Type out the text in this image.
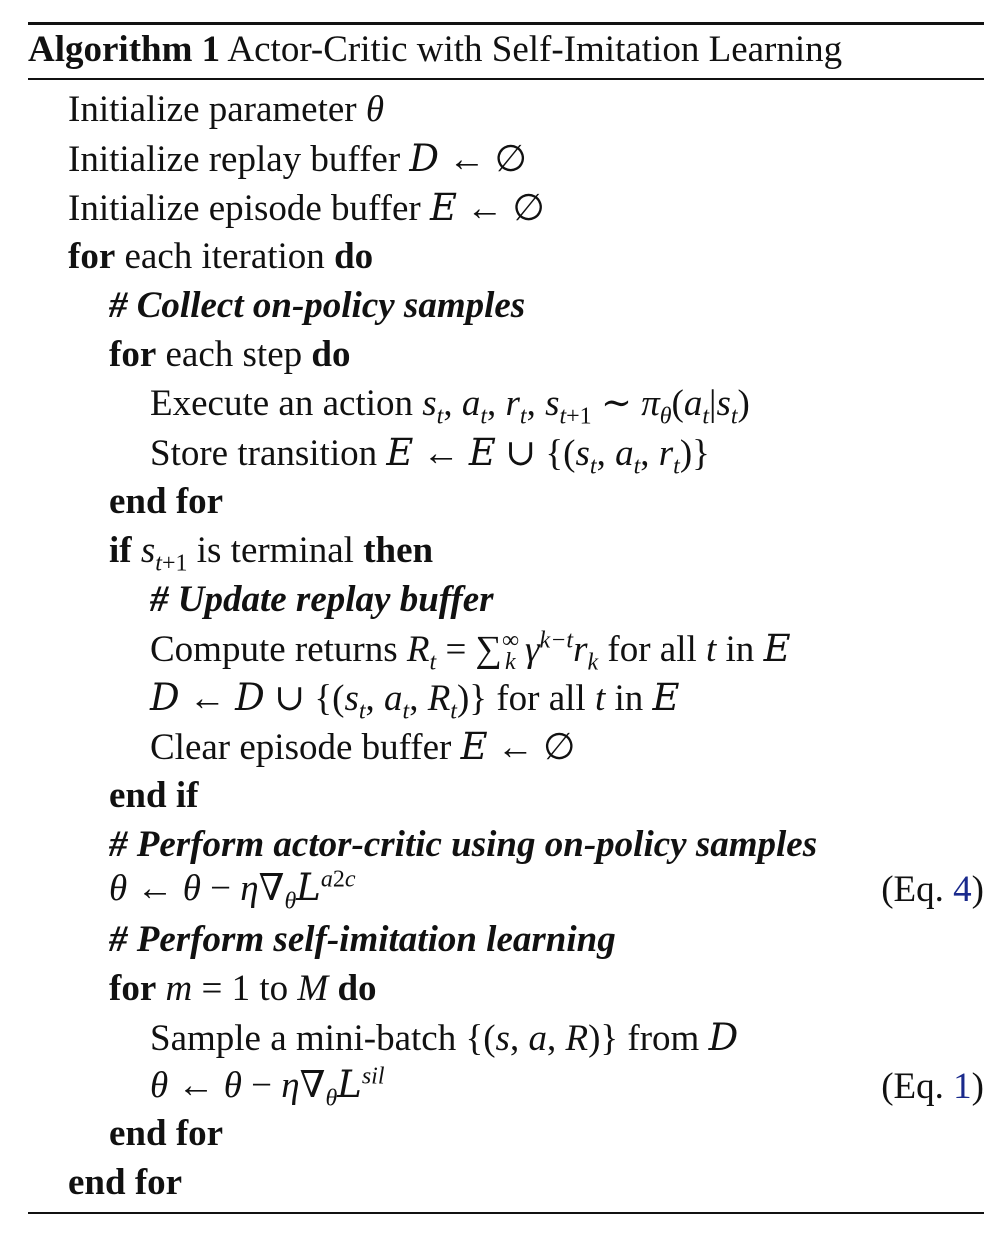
Algorithm 1 Actor-Critic with Self-Imitation Learning
Initialize parameter θ
Initialize replay buffer D ← ∅
Initialize episode buffer E ← ∅
for each iteration do
# Collect on-policy samples
for each step do
Execute an action $s_t$, $a_t$, $r_t$, $s_{t+1}$ ∼ $\pi_\theta(a_t|s_t)$
Store transition E ← E ∪ {($s_t$, $a_t$, $r_t$)}
end for
if $s_{t+1}$ is terminal then
# Update replay buffer
Compute returns $R_t = \sum^\infty_k$ $\gamma^{k-t}r_k$ for all t in E
D ← D ∪ {($s_t$, $a_t$, $R_t$)} for all t in E
Clear episode buffer E ← ∅
end if
# Perform actor-critic using on-policy samples
θ ← $\theta - \eta\nabla_\theta L^{a2c}$	(Eq. 4)
# Perform self-imitation learning
for m = 1 to M do
Sample a mini-batch {(s, a, R)} from D
θ ← $\theta - \eta\nabla_\theta L^{sil}$	(Eq. 1)
end for
end for
